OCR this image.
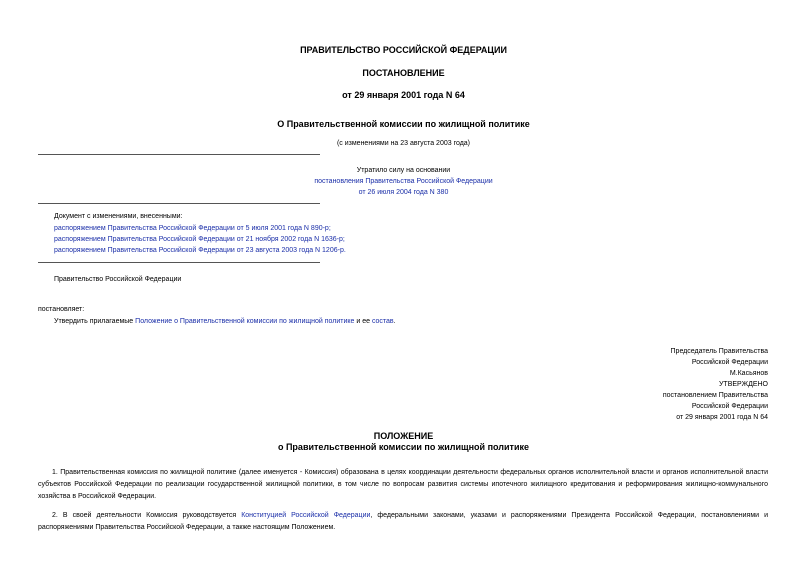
ПРАВИТЕЛЬСТВО РОССИЙСКОЙ ФЕДЕРАЦИИ
ПОСТАНОВЛЕНИЕ
от 29 января 2001 года N 64
О Правительственной комиссии по жилищной политике
(с изменениями на 23 августа 2003 года)
Утратило силу на основании
постановления Правительства Российской Федерации
от 26 июля 2004 года N 380
Документ с изменениями, внесенными:
распоряжением Правительства Российской Федерации от 5 июля 2001 года N 890-р;
распоряжением Правительства Российской Федерации от 21 ноября 2002 года N 1636-р;
распоряжением Правительства Российской Федерации от 23 августа 2003 года N 1206-р.
Правительство Российской Федерации
постановляет:
Утвердить прилагаемые Положение о Правительственной комиссии по жилищной политике и ее состав.
Председатель Правительства
Российской Федерации
М.Касьянов
УТВЕРЖДЕНО
постановлением Правительства
Российской Федерации
от 29 января 2001 года N 64
ПОЛОЖЕНИЕ
о Правительственной комиссии по жилищной политике
1. Правительственная комиссия по жилищной политике (далее именуется - Комиссия) образована в целях координации деятельности федеральных органов исполнительной власти и органов исполнительной власти субъектов Российской Федерации по реализации государственной жилищной политики, в том числе по вопросам развития системы ипотечного жилищного кредитования и реформирования жилищно-коммунального хозяйства в Российской Федерации.
2. В своей деятельности Комиссия руководствуется Конституцией Российской Федерации, федеральными законами, указами и распоряжениями Президента Российской Федерации, постановлениями и распоряжениями Правительства Российской Федерации, а также настоящим Положением.
